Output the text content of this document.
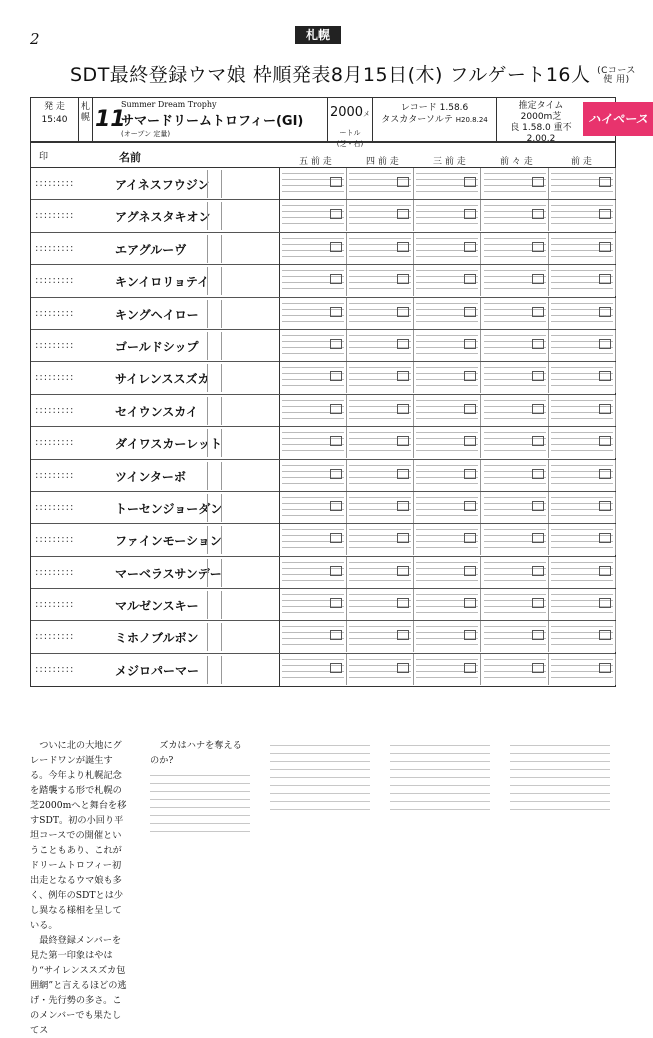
2	札幌
SDT最終登録ウマ娘 枠順発表8月15日(木) フルゲート16人 (Cコース
使 用)
発 走
15:40
札幌 11
Summer Dream Trophy
サマードリームトロフィー(GI)
(オープン 定量)
2000メートル
(芝・右)
レコード 1.58.6
タスカターソルテ H20.8.24
推定タイム
2000m芝
良 1.58.0 重不 2.00.2
ハイペース必至
印	名前	五 前 走	四 前 走	三 前 走	前 々 走	前 走
:::::::::	アイネスフウジン
:::::::::	アグネスタキオン
:::::::::	エアグルーヴ
:::::::::	キンイロリョテイ
:::::::::	キングヘイロー
:::::::::	ゴールドシップ
:::::::::	サイレンススズカ
:::::::::	セイウンスカイ
:::::::::	ダイワスカーレット
:::::::::	ツインターボ
:::::::::	トーセンジョーダン
:::::::::	ファインモーション
:::::::::	マーベラスサンデー
:::::::::	マルゼンスキー
:::::::::	ミホノブルボン
:::::::::	メジロパーマー

ついに北の大地にグレードワンが誕生する。今年より札幌記念を踏襲する形で札幌の芝2000mへと舞台を移すSDT。初の小回り平坦コースでの開催ということもあり、これがドリームトロフィー初出走となるウマ娘も多く、例年のSDTとは少し異なる様相を呈している。

最終登録メンバーを見た第一印象はやはり“サイレンススズカ包囲網”と言えるほどの逃げ・先行勢の多さ。このメンバーでも果たしてス

ズカはハナを奪えるのか?
